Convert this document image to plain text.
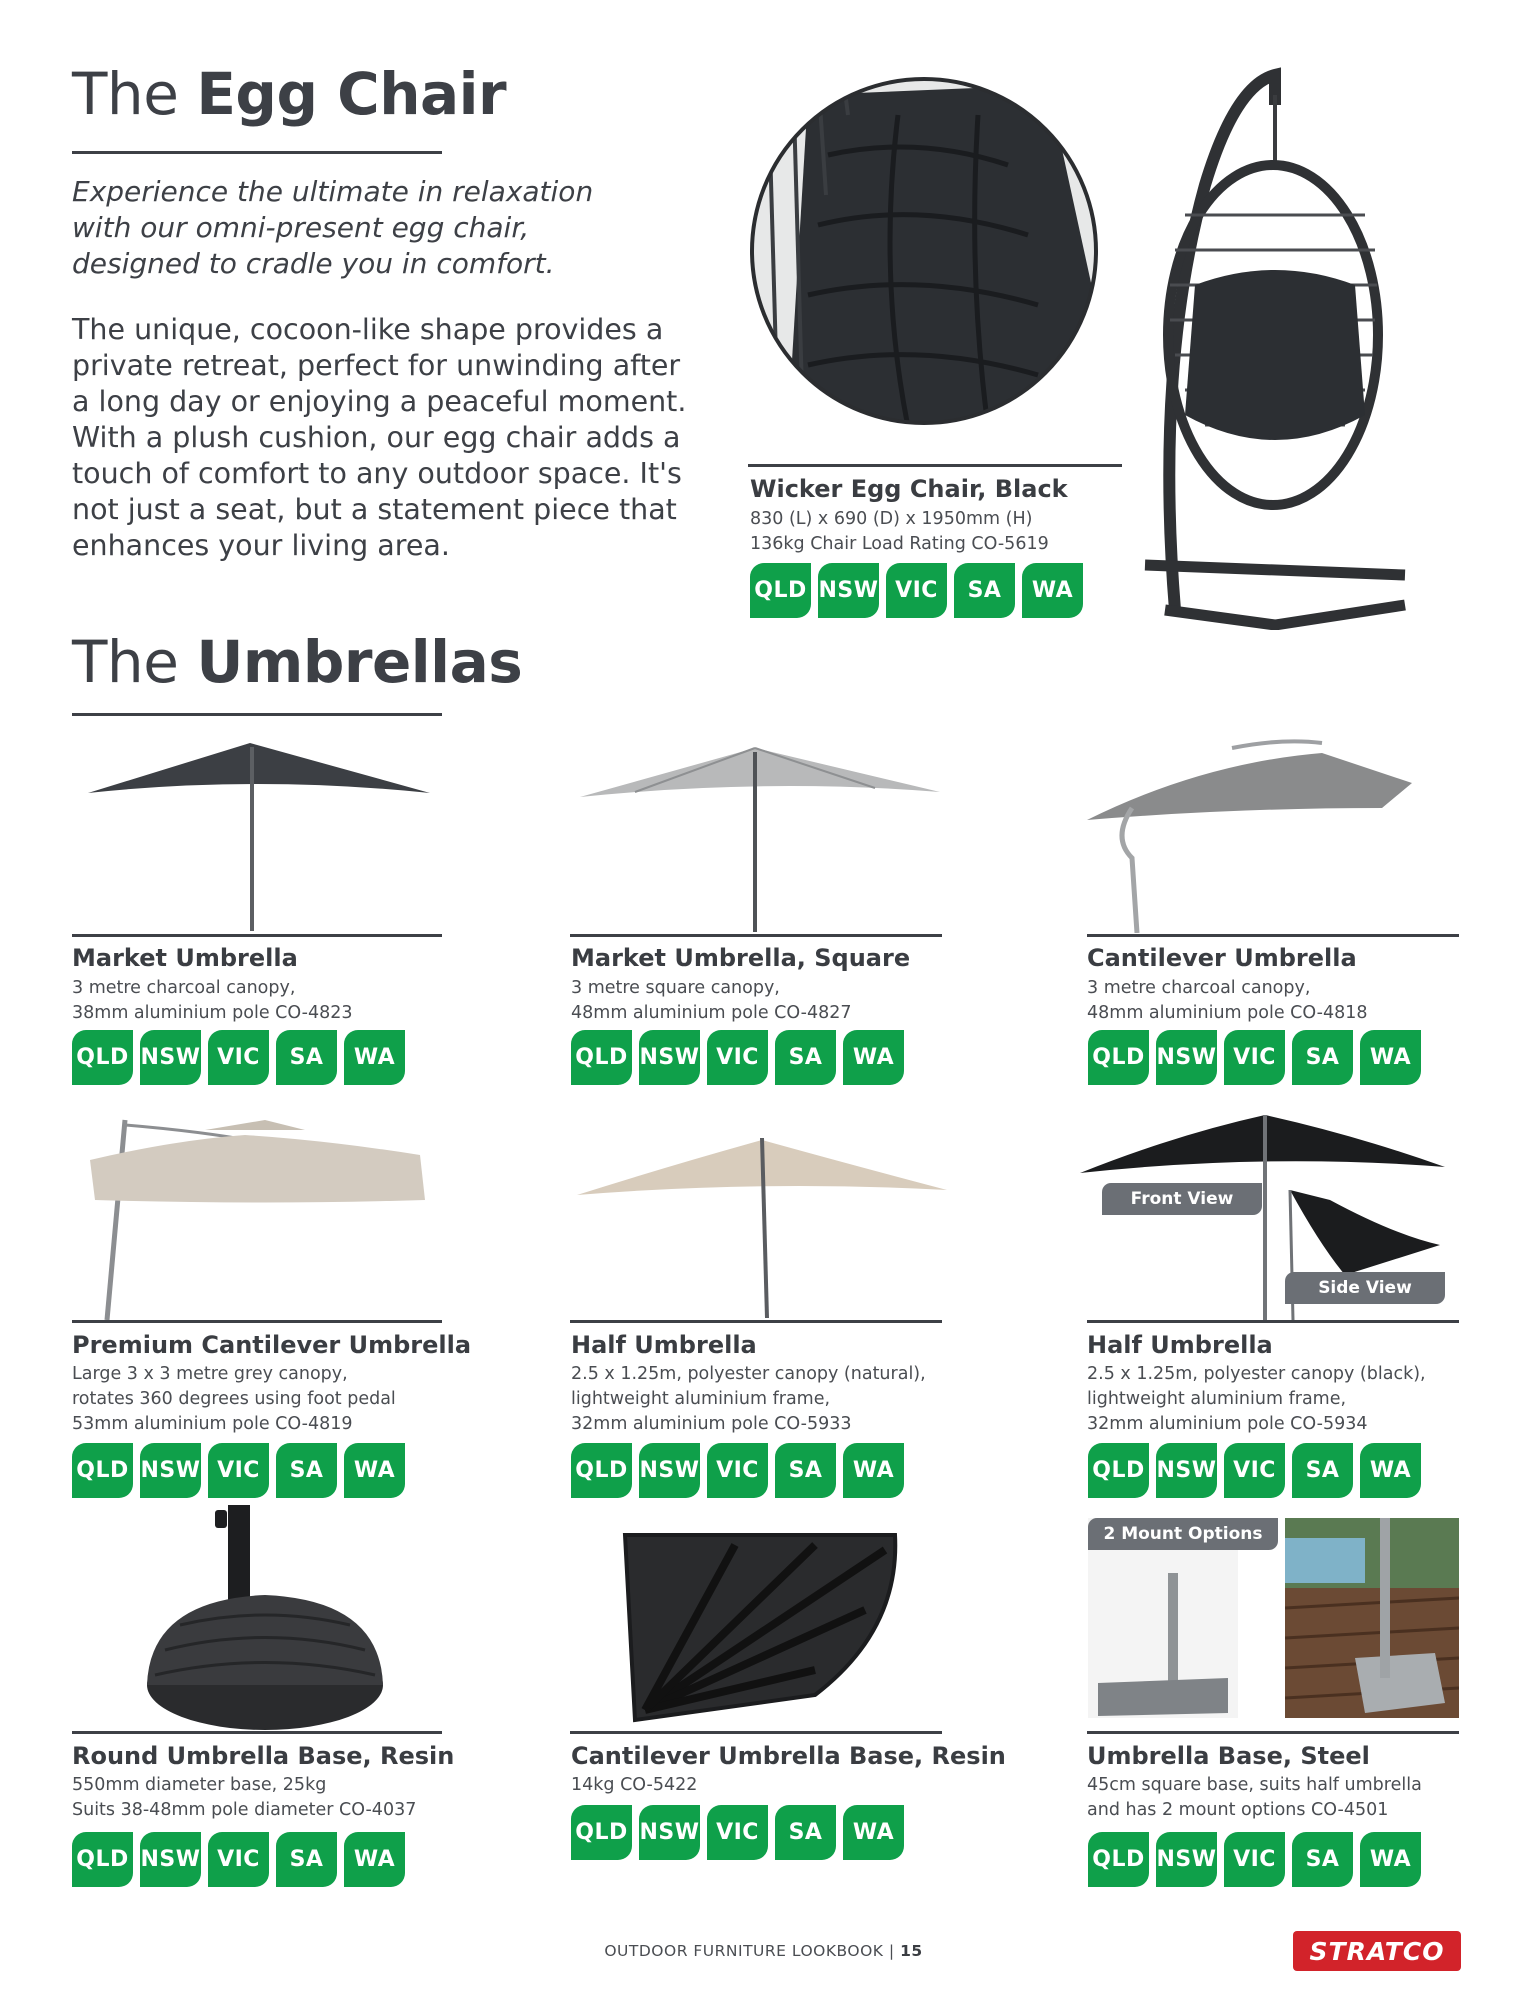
The Egg Chair
Experience the ultimate in relaxation with our omni-present egg chair, designed to cradle you in comfort.
The unique, cocoon-like shape provides a private retreat, perfect for unwinding after a long day or enjoying a peaceful moment. With a plush cushion, our egg chair adds a touch of comfort to any outdoor space. It's not just a seat, but a statement piece that enhances your living area.
Wicker Egg Chair, Black
830 (L) x 690 (D) x 1950mm (H)
136kg Chair Load Rating CO-5619
QLD NSW VIC	SA	WA
The Umbrellas
Market Umbrella
3 metre charcoal canopy,
38mm aluminium pole CO-4823
Market Umbrella, Square
3 metre square canopy,
48mm aluminium pole CO-4827
Cantilever Umbrella
3 metre charcoal canopy,
48mm aluminium pole CO-4818
QLD NSW VIC	SA	WA	QLD NSW VIC	SA	WA	QLD NSW VIC	SA	WA
Front View
Side View
Premium Cantilever Umbrella
Large 3 x 3 metre grey canopy,
rotates 360 degrees using foot pedal
53mm aluminium pole CO-4819
Half Umbrella
2.5 x 1.25m, polyester canopy (natural),
lightweight aluminium frame,
32mm aluminium pole CO-5933
Half Umbrella
2.5 x 1.25m, polyester canopy (black),
lightweight aluminium frame,
32mm aluminium pole CO-5934
QLD NSW VIC	SA	WA	QLD NSW VIC	SA	WA	QLD NSW VIC	SA	WA
2 Mount Options
Round Umbrella Base, Resin
550mm diameter base, 25kg
Suits 38-48mm pole diameter CO-4037
Cantilever Umbrella Base, Resin
14kg CO-5422
Umbrella Base, Steel
45cm square base, suits half umbrella
and has 2 mount options CO-4501
QLD NSW VIC	SA	WA
QLD NSW VIC	SA	WA
QLD NSW VIC	SA	WA
OUTDOOR FURNITURE LOOKBOOK | 15	STRATCO
